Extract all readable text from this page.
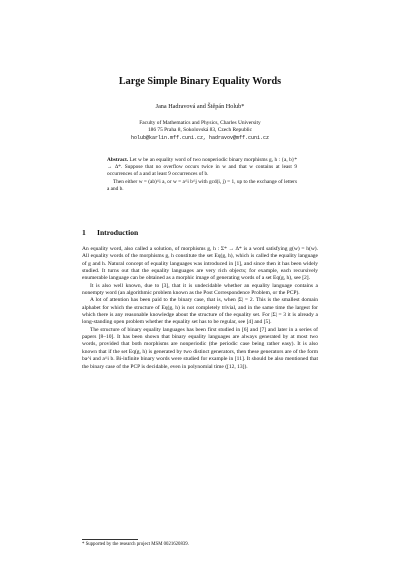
Large Simple Binary Equality Words
Jana Hadravová and Štěpán Holub*
Faculty of Mathematics and Physics, Charles University
186 75 Praha 8, Sokolovská 83, Czech Republic
holub@karlin.mff.cuni.cz, hadravov@mff.cuni.cz

Abstract. Let w be an equality word of two nonperiodic binary morphisms g, h : {a, b}* → Δ*. Suppose that no overflow occurs twice in w and that w contains at least 9 occurrences of a and at least 9 occurrences of b.

Then either w = (ab)^i a, or w = a^i b^j with gcd(i, j) = 1, up to the exchange of letters a and b.

1 Introduction

An equality word, also called a solution, of morphisms g, h : Σ* → Δ* is a word satisfying g(w) = h(w). All equality words of the morphisms g, h constitute the set Eq(g, h), which is called the equality language of g and h. Natural concept of equality languages was introduced in [1], and since then it has been widely studied. It turns out that the equality languages are very rich objects; for example, each recursively enumerable language can be obtained as a morphic image of generating words of a set Eq(g, h), see [2].

It is also well known, due to [3], that it is undecidable whether an equality language contains a nonempty word (an algorithmic problem known as the Post Correspondence Problem, or the PCP).

A lot of attention has been paid to the binary case, that is, when |Σ| = 2. This is the smallest domain alphabet for which the structure of Eq(g, h) is not completely trivial, and in the same time the largest for which there is any reasonable knowledge about the structure of the equality set. For |Σ| = 3 it is already a long-standing open problem whether the equality set has to be regular, see [4] and [5].

The structure of binary equality languages has been first studied in [6] and [7] and later in a series of papers [8–10]. It has been shown that binary equality languages are always generated by at most two words, provided that both morphisms are nonperiodic (the periodic case being rather easy). It is also known that if the set Eq(g, h) is generated by two distinct generators, then these generators are of the form ba^i and a^i b. Bi-infinite binary words were studied for example in [11]. It should be also mentioned that the binary case of the PCP is decidable, even in polynomial time ([12, 13]).

* Supported by the research project MSM 0021620839.
